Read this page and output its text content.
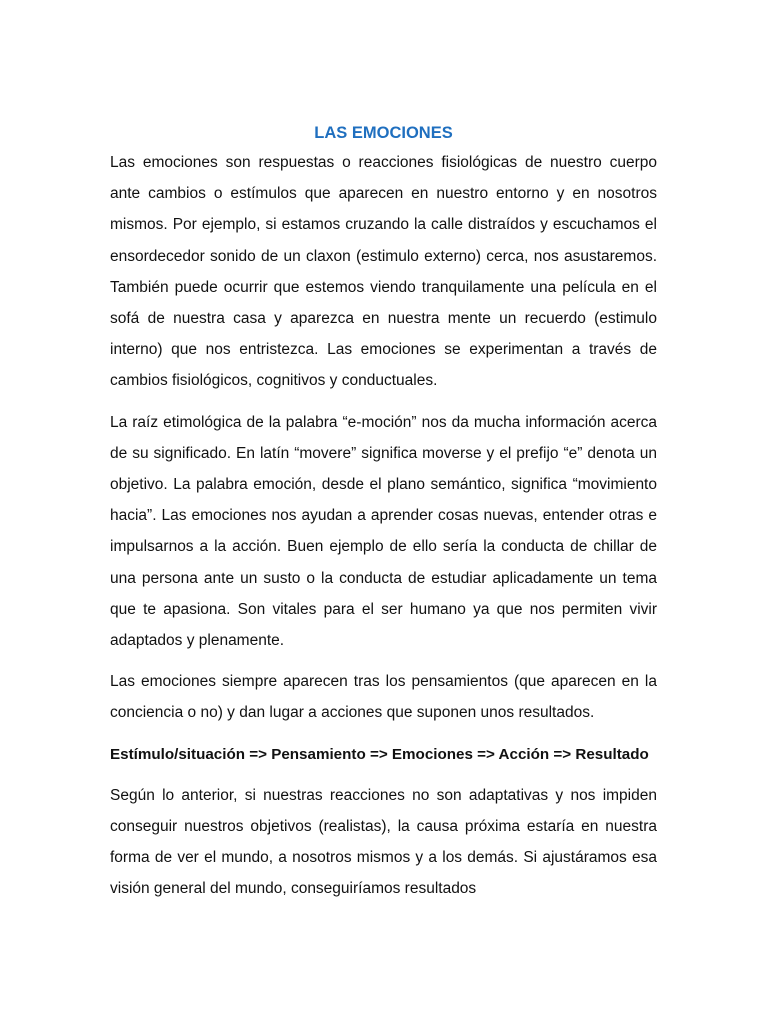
LAS EMOCIONES

Las emociones son respuestas o reacciones fisiológicas de nuestro cuerpo ante cambios o estímulos que aparecen en nuestro entorno y en nosotros mismos. Por ejemplo, si estamos cruzando la calle distraídos y escuchamos el ensordecedor sonido de un claxon (estimulo externo) cerca, nos asustaremos. También puede ocurrir que estemos viendo tranquilamente una película en el sofá de nuestra casa y aparezca en nuestra mente un recuerdo (estimulo interno) que nos entristezca. Las emociones se experimentan a través de cambios fisiológicos, cognitivos y conductuales.

La raíz etimológica de la palabra “e-moción” nos da mucha información acerca de su significado. En latín “movere” significa moverse y el prefijo “e” denota un objetivo. La palabra emoción, desde el plano semántico, significa “movimiento hacia”. Las emociones nos ayudan a aprender cosas nuevas, entender otras e impulsarnos a la acción. Buen ejemplo de ello sería la conducta de chillar de una persona ante un susto o la conducta de estudiar aplicadamente un tema que te apasiona. Son vitales para el ser humano ya que nos permiten vivir adaptados y plenamente.

Las emociones siempre aparecen tras los pensamientos (que aparecen en la conciencia o no) y dan lugar a acciones que suponen unos resultados.

Estímulo/situación => Pensamiento => Emociones => Acción => Resultado

Según lo anterior, si nuestras reacciones no son adaptativas y nos impiden conseguir nuestros objetivos (realistas), la causa próxima estaría en nuestra forma de ver el mundo, a nosotros mismos y a los demás. Si ajustáramos esa visión general del mundo, conseguiríamos resultados
